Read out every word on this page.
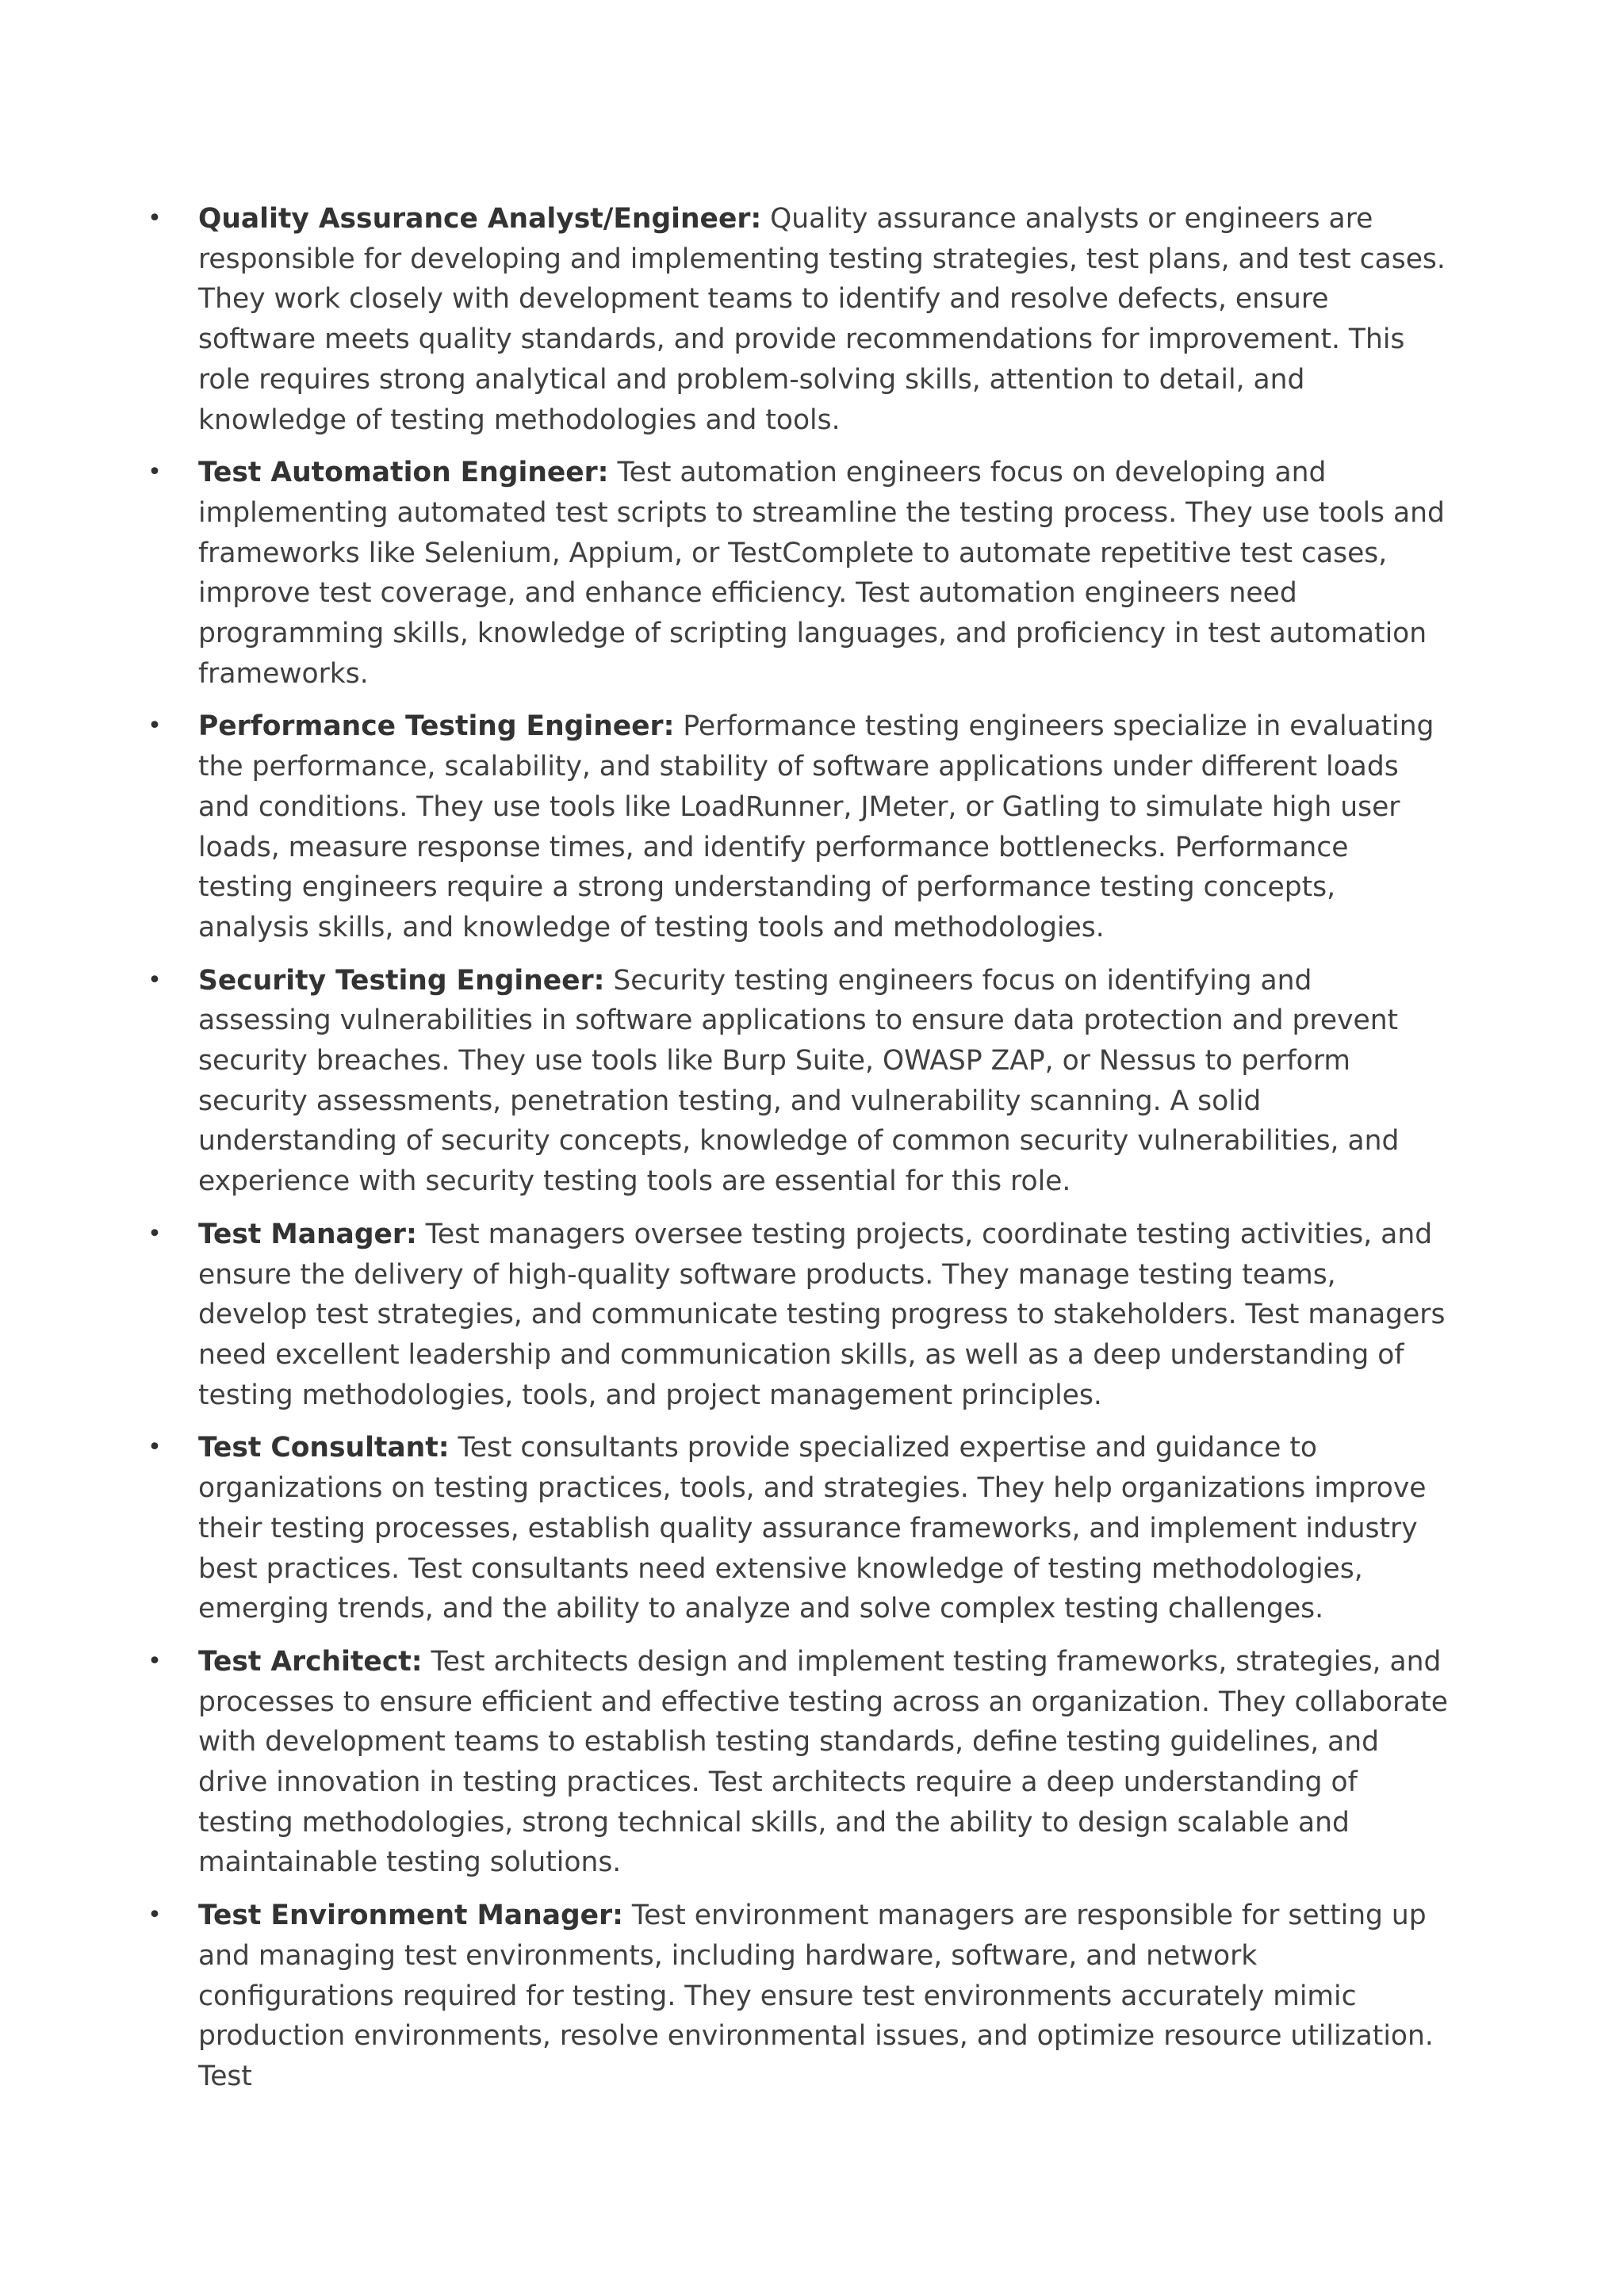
• Quality Assurance Analyst/Engineer: Quality assurance analysts or engineers are responsible for developing and implementing testing strategies, test plans, and test cases. They work closely with development teams to identify and resolve defects, ensure software meets quality standards, and provide recommendations for improvement. This role requires strong analytical and problem-solving skills, attention to detail, and knowledge of testing methodologies and tools.
• Test Automation Engineer: Test automation engineers focus on developing and implementing automated test scripts to streamline the testing process. They use tools and frameworks like Selenium, Appium, or TestComplete to automate repetitive test cases, improve test coverage, and enhance efficiency. Test automation engineers need programming skills, knowledge of scripting languages, and proficiency in test automation frameworks.
• Performance Testing Engineer: Performance testing engineers specialize in evaluating the performance, scalability, and stability of software applications under different loads and conditions. They use tools like LoadRunner, JMeter, or Gatling to simulate high user loads, measure response times, and identify performance bottlenecks. Performance testing engineers require a strong understanding of performance testing concepts, analysis skills, and knowledge of testing tools and methodologies.
• Security Testing Engineer: Security testing engineers focus on identifying and assessing vulnerabilities in software applications to ensure data protection and prevent security breaches. They use tools like Burp Suite, OWASP ZAP, or Nessus to perform security assessments, penetration testing, and vulnerability scanning. A solid understanding of security concepts, knowledge of common security vulnerabilities, and experience with security testing tools are essential for this role.
• Test Manager: Test managers oversee testing projects, coordinate testing activities, and ensure the delivery of high-quality software products. They manage testing teams, develop test strategies, and communicate testing progress to stakeholders. Test managers need excellent leadership and communication skills, as well as a deep understanding of testing methodologies, tools, and project management principles.
• Test Consultant: Test consultants provide specialized expertise and guidance to organizations on testing practices, tools, and strategies. They help organizations improve their testing processes, establish quality assurance frameworks, and implement industry best practices. Test consultants need extensive knowledge of testing methodologies, emerging trends, and the ability to analyze and solve complex testing challenges.
• Test Architect: Test architects design and implement testing frameworks, strategies, and processes to ensure efficient and effective testing across an organization. They collaborate with development teams to establish testing standards, define testing guidelines, and drive innovation in testing practices. Test architects require a deep understanding of testing methodologies, strong technical skills, and the ability to design scalable and maintainable testing solutions.
• Test Environment Manager: Test environment managers are responsible for setting up and managing test environments, including hardware, software, and network configurations required for testing. They ensure test environments accurately mimic production environments, resolve environmental issues, and optimize resource utilization. Test
